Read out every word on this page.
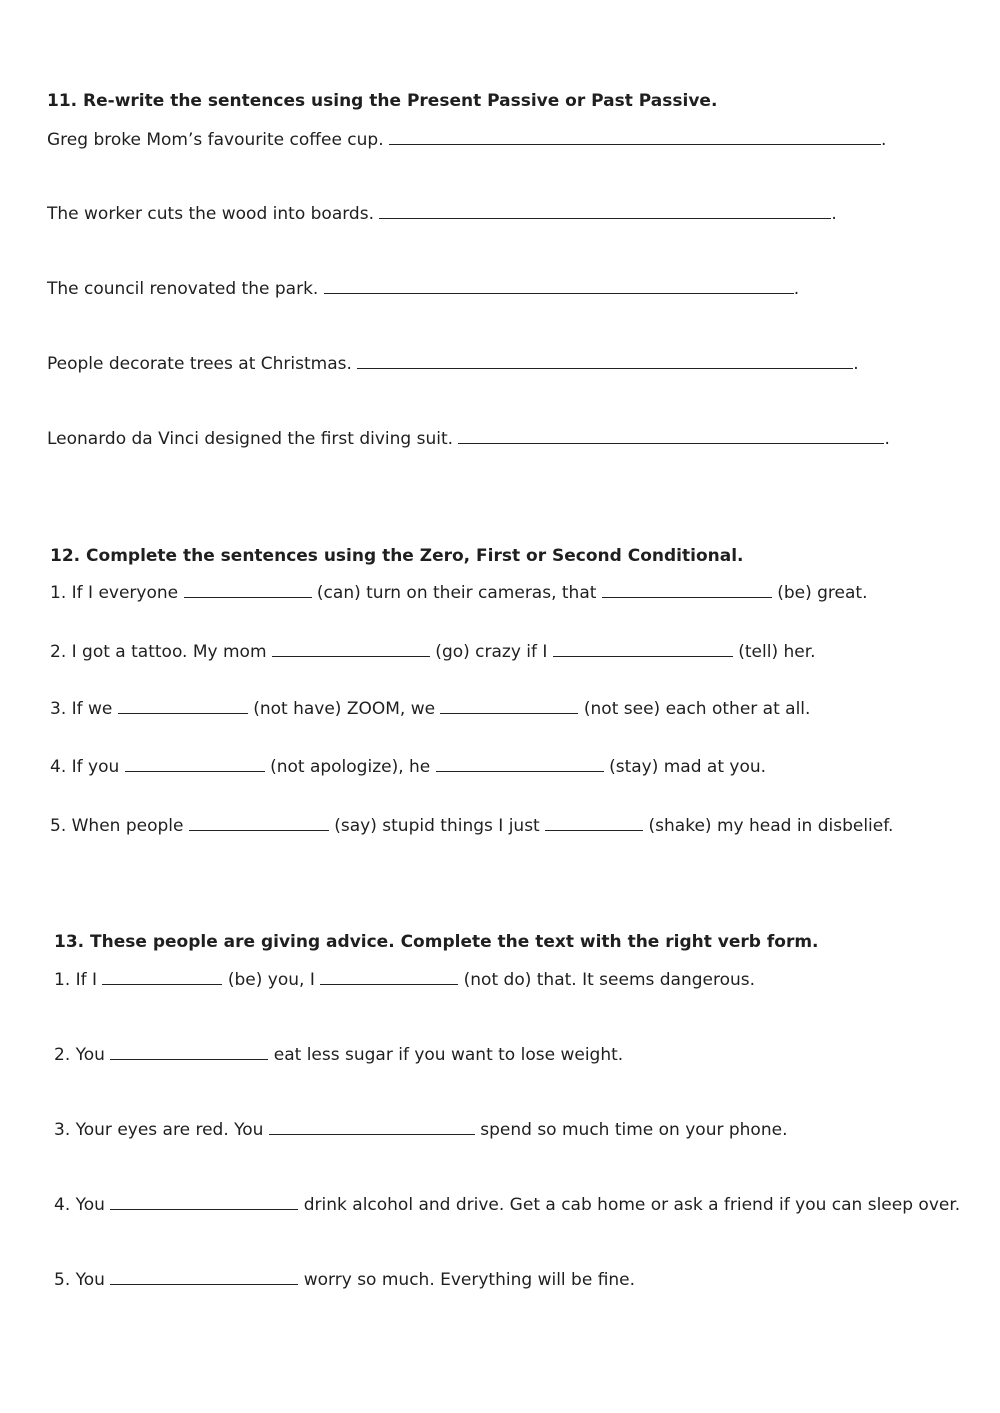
11. Re-write the sentences using the Present Passive or Past Passive.
Greg broke Mom’s favourite coffee cup.	.
The worker cuts the wood into boards.	.
The council renovated the park.	.
People decorate trees at Christmas.	.
Leonardo da Vinci designed the first diving suit.	.
12. Complete the sentences using the Zero, First or Second Conditional.
1. If I everyone	(can) turn on their cameras, that	(be) great.
2. I got a tattoo. My mom	(go) crazy if I	(tell) her.
3. If we	(not have) ZOOM, we	(not see) each other at all.
4. If you	(not apologize), he	(stay) mad at you.
5. When people	(say) stupid things I just	(shake) my head in disbelief.
13. These people are giving advice. Complete the text with the right verb form.
1. If I	(be) you, I	(not do) that. It seems dangerous.
2. You	eat less sugar if you want to lose weight.
3. Your eyes are red. You	spend so much time on your phone.
4. You	drink alcohol and drive. Get a cab home or ask a friend if you can sleep over.
5. You	worry so much. Everything will be fine.
